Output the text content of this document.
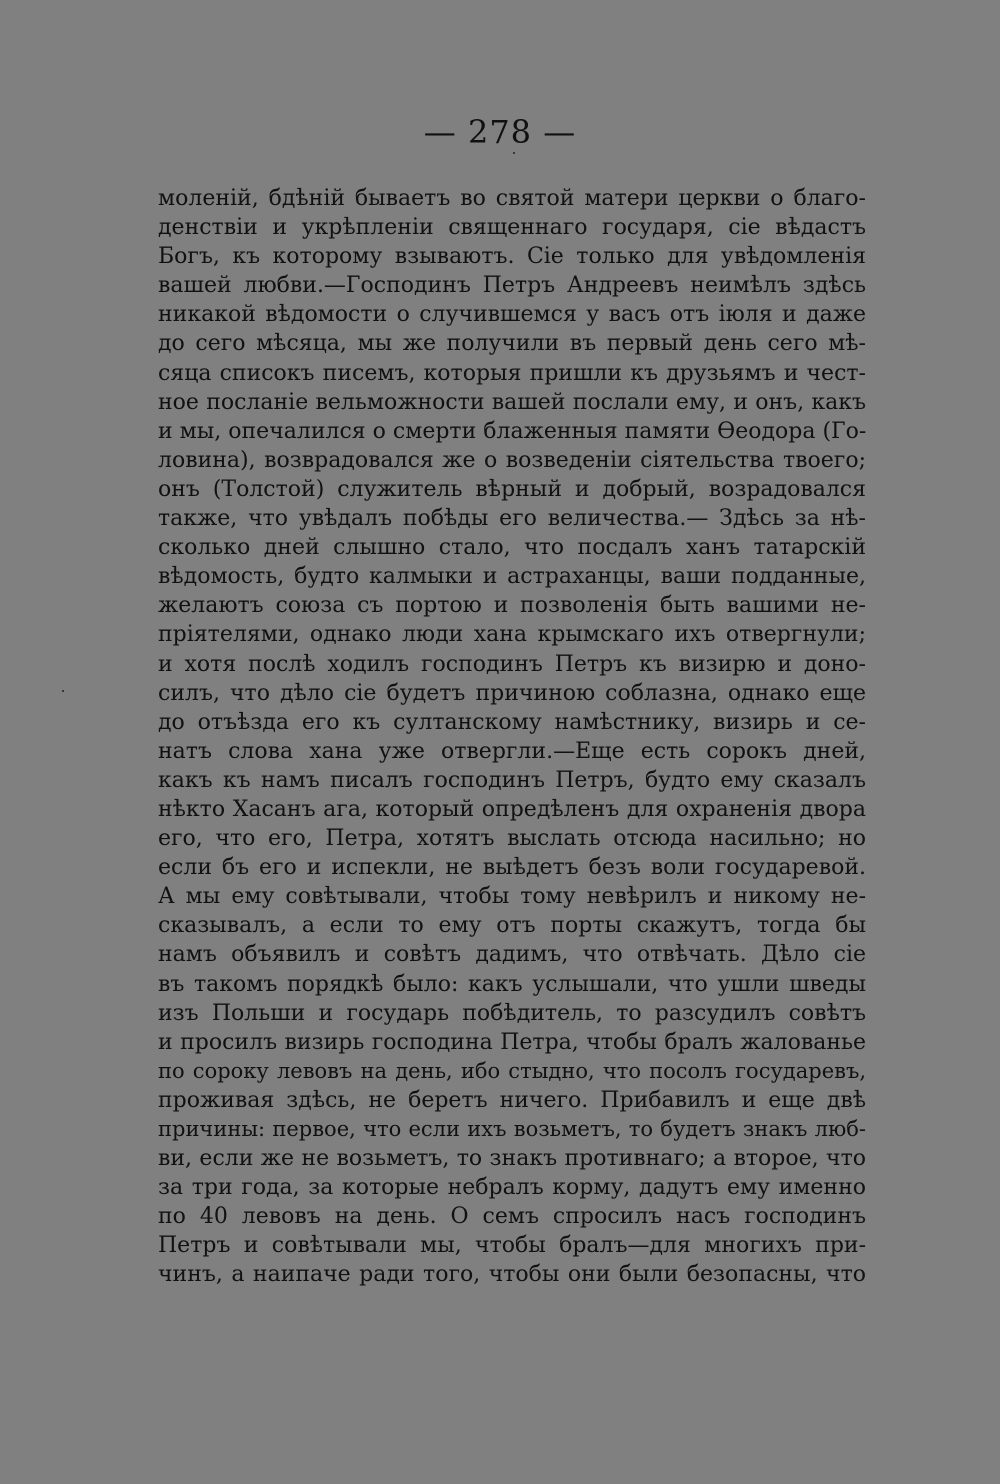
— 278 —
моленій, бдѣній бываетъ во святой матери церкви о благо-
денствіи и укрѣпленіи священнаго государя, сіе вѣдастъ
Богъ, къ которому взываютъ. Сіе только для увѣдомленія
вашей любви.—Господинъ Петръ Андреевъ неимѣлъ здѣсь
никакой вѣдомости о случившемся у васъ отъ іюля и даже
до сего мѣсяца, мы же получили въ первый день сего мѣ-
сяца списокъ писемъ, которыя пришли къ друзьямъ и чест-
ное посланіе вельможности вашей послали ему, и онъ, какъ
и мы, опечалился о смерти блаженныя памяти Ѳеодора (Го-
ловина), возврадовался же о возведеніи сіятельства твоего;
онъ (Толстой) служитель вѣрный и добрый, возрадовался
также, что увѣдалъ побѣды его величества.— Здѣсь за нѣ-
сколько дней слышно стало, что посдалъ ханъ татарскій
вѣдомость, будто калмыки и астраханцы, ваши подданные,
желаютъ союза съ портою и позволенія быть вашими не-
пріятелями, однако люди хана крымскаго ихъ отвергнули;
и хотя послѣ ходилъ господинъ Петръ къ визирю и доно-
силъ, что дѣло сіе будетъ причиною соблазна, однако еще
до отъѣзда его къ султанскому намѣстнику, визирь и се-
натъ слова хана уже отвергли.—Еще есть сорокъ дней,
какъ къ намъ писалъ господинъ Петръ, будто ему сказалъ
нѣкто Хасанъ ага, который опредѣленъ для охраненія двора
его, что его, Петра, хотятъ выслать отсюда насильно; но
если бъ его и испекли, не выѣдетъ безъ воли государевой.
А мы ему совѣтывали, чтобы тому невѣрилъ и никому не-
сказывалъ, а если то ему отъ порты скажутъ, тогда бы
намъ объявилъ и совѣтъ дадимъ, что отвѣчать. Дѣло сіе
въ такомъ порядкѣ было: какъ услышали, что ушли шведы
изъ Польши и государь побѣдитель, то разсудилъ совѣтъ
и просилъ визирь господина Петра, чтобы бралъ жалованье
по сороку левовъ на день, ибо стыдно, что посолъ государевъ,
проживая здѣсь, не беретъ ничего. Прибавилъ и еще двѣ
причины: первое, что если ихъ возьметъ, то будетъ знакъ люб-
ви, если же не возьметъ, то знакъ противнаго; а второе, что
за три года, за которые небралъ корму, дадутъ ему именно
по 40 левовъ на день. О семъ спросилъ насъ господинъ
Петръ и совѣтывали мы, чтобы бралъ—для многихъ при-
чинъ, а наипаче ради того, чтобы они были безопасны, что
